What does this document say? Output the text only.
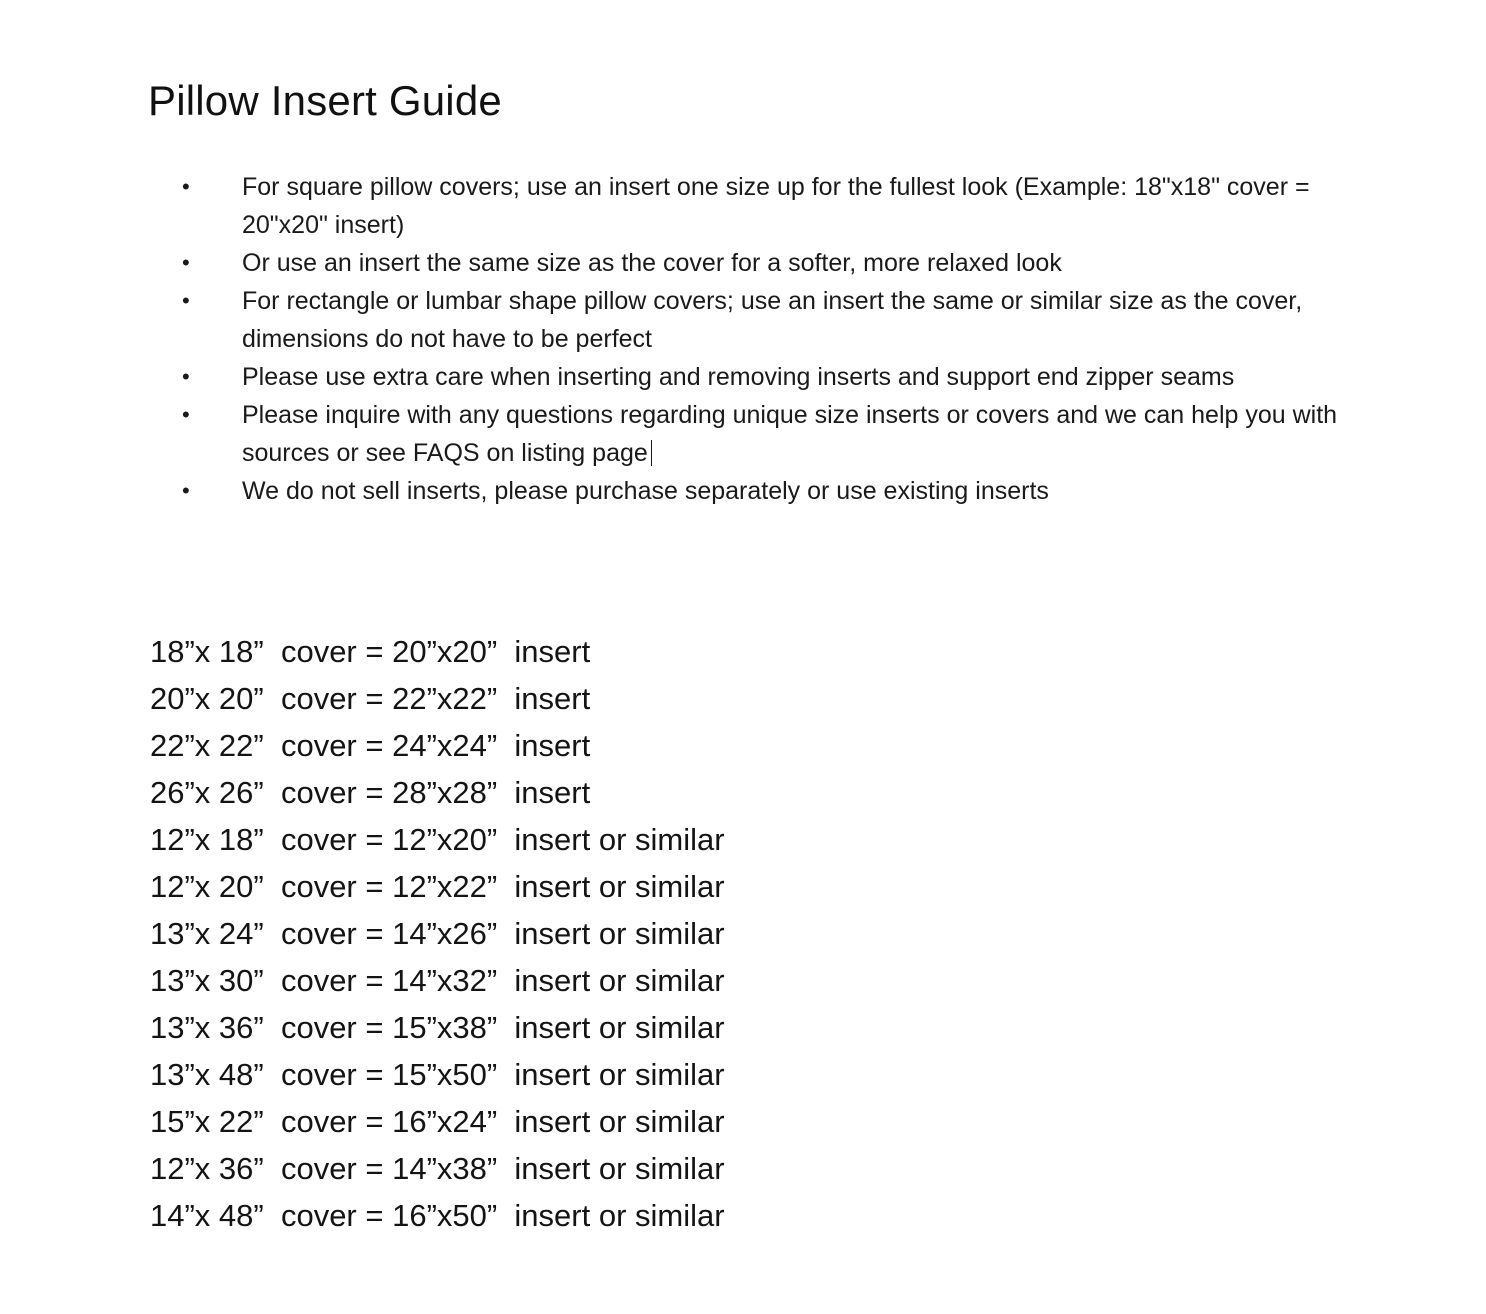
Pillow Insert Guide
• For square pillow covers; use an insert one size up for the fullest look (Example: 18"x18" cover = 20"x20" insert)
• Or use an insert the same size as the cover for a softer, more relaxed look
• For rectangle or lumbar shape pillow covers; use an insert the same or similar size as the cover, dimensions do not have to be perfect
• Please use extra care when inserting and removing inserts and support end zipper seams
• Please inquire with any questions regarding unique size inserts or covers and we can help you with sources or see FAQS on listing page
• We do not sell inserts, please purchase separately or use existing inserts
18”x 18”  cover = 20”x20”  insert
20”x 20”  cover = 22”x22”  insert
22”x 22”  cover = 24”x24”  insert
26”x 26”  cover = 28”x28”  insert
12”x 18”  cover = 12”x20”  insert or similar
12”x 20”  cover = 12”x22”  insert or similar
13”x 24”  cover = 14”x26”  insert or similar
13”x 30”  cover = 14”x32”  insert or similar
13”x 36”  cover = 15”x38”  insert or similar
13”x 48”  cover = 15”x50”  insert or similar
15”x 22”  cover = 16”x24”  insert or similar
12”x 36”  cover = 14”x38”  insert or similar
14”x 48”  cover = 16”x50”  insert or similar
